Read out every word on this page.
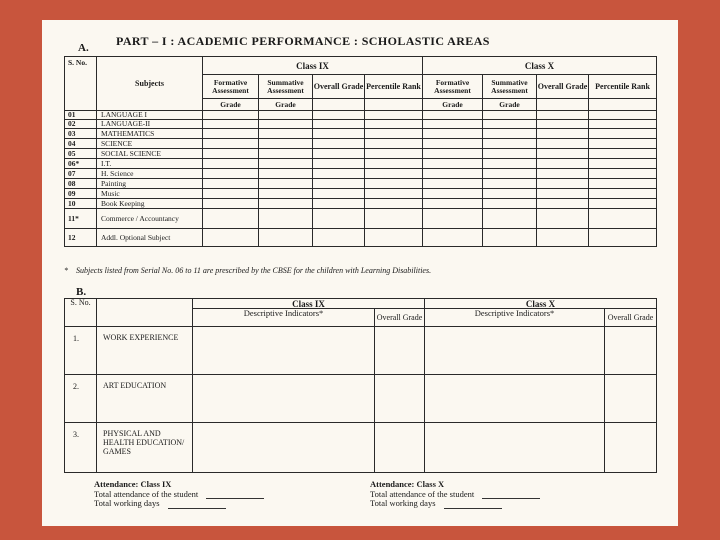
PART – I : ACADEMIC PERFORMANCE : SCHOLASTIC AREAS
A.
S. No.	Subjects	Class IX				Class X			
		Formative Assessment	Summative Assessment	Overall Grade	Percentile Rank	Formative Assessment	Summative Assessment	Overall Grade	Percentile Rank
		Grade	Grade			Grade	Grade		
01	LANGUAGE I								
02	LANGUAGE-II								
03	MATHEMATICS								
04	SCIENCE								
05	SOCIAL SCIENCE								
06*	I.T.								
07	H. Science								
08	Painting								
09	Music								
10	Book Keeping								
11*	Commerce / Accountancy								
12	Addl. Optional Subject								
* Subjects listed from Serial No. 06 to 11 are prescribed by the CBSE for the children with Learning Disabilities.
B.
S. No.		Class IX		Class X	
		Descriptive Indicators*	Overall Grade	Descriptive Indicators*	Overall Grade
1.	WORK EXPERIENCE				
2.	ART EDUCATION				
3.	PHYSICAL AND HEALTH EDUCATION/ GAMES				
Attendance: Class IX
Total attendance of the student
Total working days
Attendance: Class X
Total attendance of the student
Total working days
